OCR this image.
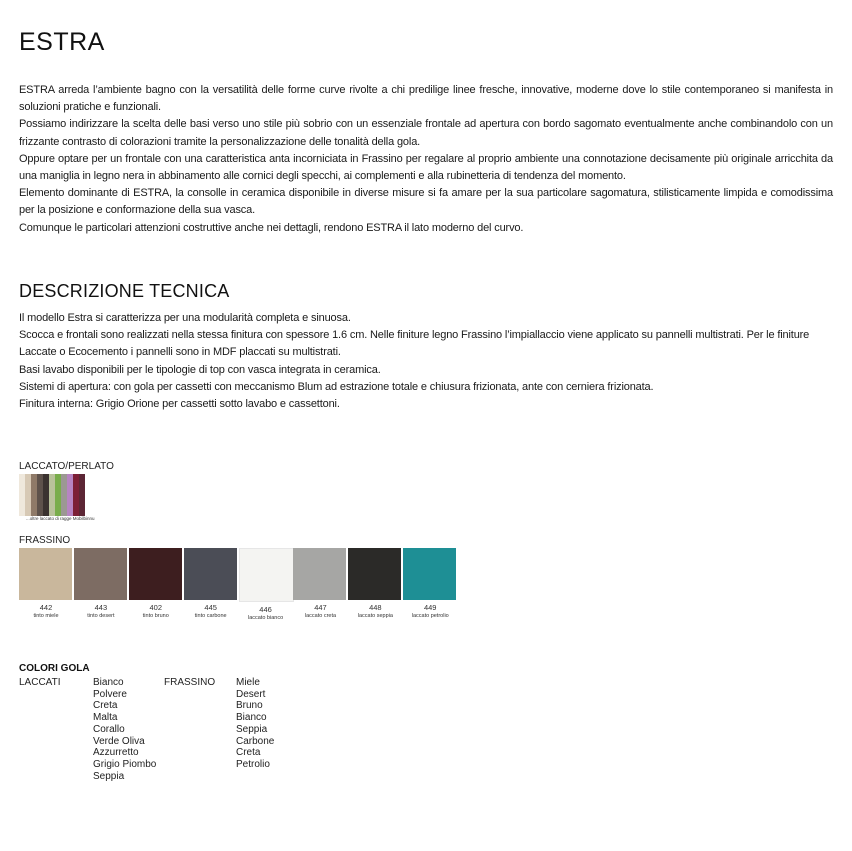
ESTRA

ESTRA arreda l’ambiente bagno con la versatilità delle forme curve rivolte a chi predilige linee fresche, innovative, moderne dove lo stile contemporaneo si manifesta in soluzioni pratiche e funzionali.

Possiamo indirizzare la scelta delle basi verso uno stile più sobrio con un essenziale frontale ad apertura con bordo sagomato eventualmente anche combinandolo con un frizzante contrasto di colorazioni tramite la personalizzazione delle tonalità della gola.

Oppure optare per un frontale con una caratteristica anta incorniciata in Frassino per regalare al proprio ambiente una connotazione decisamente più originale arricchita da una maniglia in legno nera in abbinamento alle cornici degli specchi, ai complementi e alla rubinetteria di tendenza del momento.

Elemento dominante di ESTRA, la consolle in ceramica disponibile in diverse misure si fa amare per la sua particolare sagomatura, stilisticamente limpida e comodissima per la posizione e conformazione della sua vasca.

Comunque le particolari attenzioni costruttive anche nei dettagli, rendono ESTRA il lato moderno del curvo.

DESCRIZIONE TECNICA

Il modello Estra si caratterizza per una modularità completa e sinuosa.

Scocca e frontali sono realizzati nella stessa finitura con spessore 1.6 cm. Nelle finiture legno Frassino l’impiallaccio viene applicato su pannelli multistrati. Per le finiture Laccate o Ecocemento i pannelli sono in MDF placcati su multistrati.

Basi lavabo disponibili per le tipologie di top con vasca integrata in ceramica.

Sistemi di apertura: con gola per cassetti con meccanismo Blum ad estrazione totale e chiusura frizionata, ante con cerniera frizionata.

Finitura interna: Grigio Orione per cassetti sotto lavabo e cassettoni.

LACCATO/PERLATO
...oltre laccato di ragge Mobilbinnu
FRASSINO
442
tinto miele
443
tinto desert
402
tinto bruno
445
tinto carbone
446
laccato bianco
447
laccato creta
448
laccato seppia
449
laccato petrolio
COLORI GOLA
LACCATI	Bianco
Polvere
Creta
Malta
Corallo
Verde Oliva
Azzurretto
Grigio Piombo
Seppia
FRASSINO Miele
Desert
Bruno
Bianco
Seppia
Carbone
Creta
Petrolio
